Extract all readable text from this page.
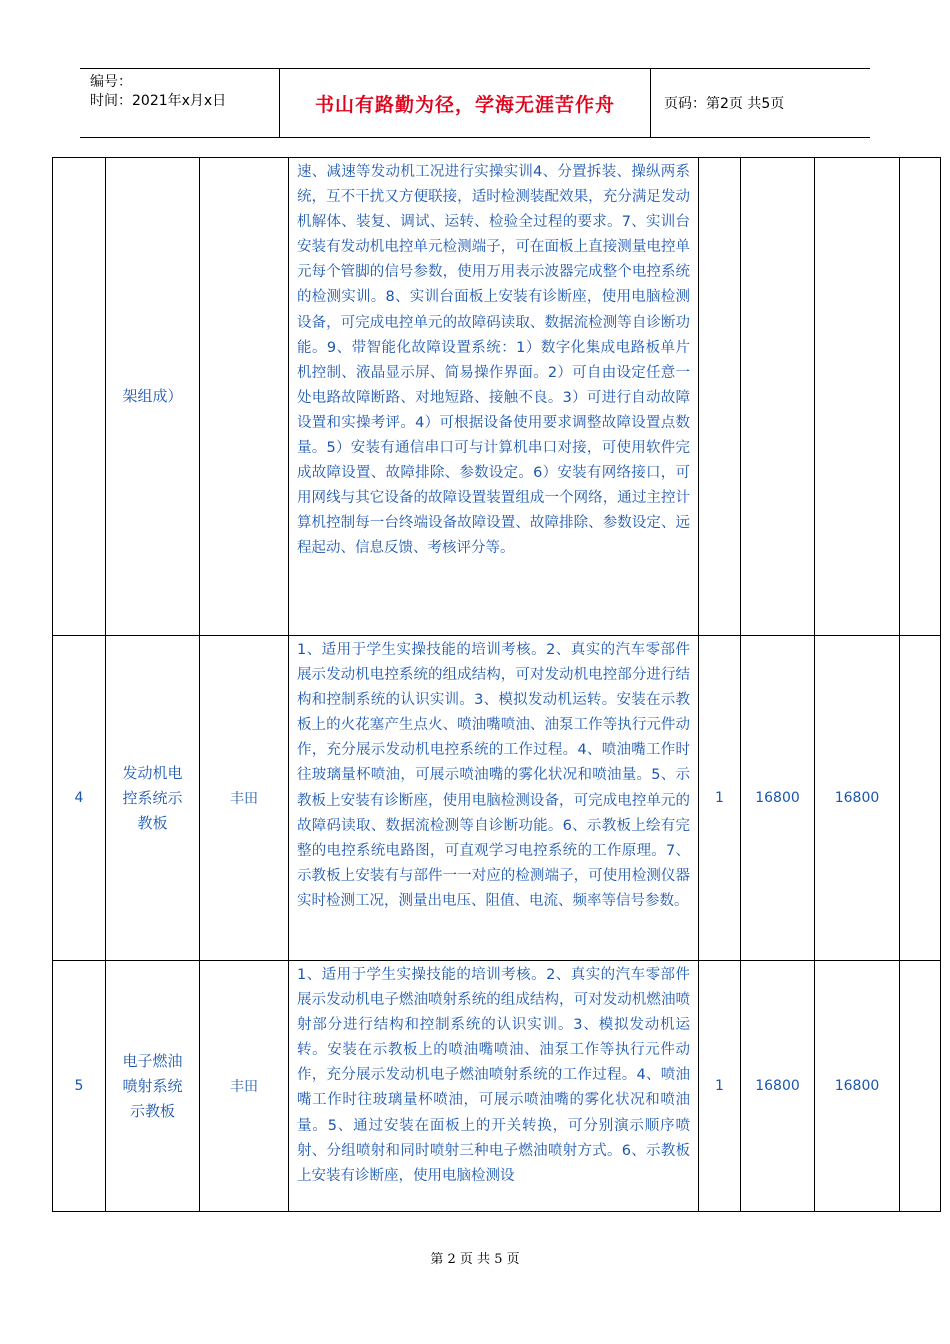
编号：
时间：2021年x月x日	书山有路勤为径，学海无涯苦作舟	页码：第2页 共5页
	架组成）		速、减速等发动机工况进行实操实训4、分置拆装、操纵两系统，互不干扰又方便联接，适时检测装配效果，充分满足发动机解体、装复、调试、运转、检验全过程的要求。7、实训台安装有发动机电控单元检测端子，可在面板上直接测量电控单元每个管脚的信号参数，使用万用表示波器完成整个电控系统的检测实训。8、实训台面板上安装有诊断座，使用电脑检测设备，可完成电控单元的故障码读取、数据流检测等自诊断功能。9、带智能化故障设置系统：1）数字化集成电路板单片机控制、液晶显示屏、简易操作界面。2）可自由设定任意一处电路故障断路、对地短路、接触不良。3）可进行自动故障设置和实操考评。4）可根据设备使用要求调整故障设置点数量。5）安装有通信串口可与计算机串口对接，可使用软件完成故障设置、故障排除、参数设定。6）安装有网络接口，可用网线与其它设备的故障设置装置组成一个网络，通过主控计算机控制每一台终端设备故障设置、故障排除、参数设定、远程起动、信息反馈、考核评分等。				
4	发动机电控系统示教板	丰田	1、适用于学生实操技能的培训考核。2、真实的汽车零部件展示发动机电控系统的组成结构，可对发动机电控部分进行结构和控制系统的认识实训。3、模拟发动机运转。安装在示教板上的火花塞产生点火、喷油嘴喷油、油泵工作等执行元件动作，充分展示发动机电控系统的工作过程。4、喷油嘴工作时往玻璃量杯喷油，可展示喷油嘴的雾化状况和喷油量。5、示教板上安装有诊断座，使用电脑检测设备，可完成电控单元的故障码读取、数据流检测等自诊断功能。6、示教板上绘有完整的电控系统电路图，可直观学习电控系统的工作原理。7、示教板上安装有与部件一一对应的检测端子，可使用检测仪器实时检测工况，测量出电压、阻值、电流、频率等信号参数。	1	16800	16800	
5	电子燃油喷射系统示教板	丰田	1、适用于学生实操技能的培训考核。2、真实的汽车零部件展示发动机电子燃油喷射系统的组成结构，可对发动机燃油喷射部分进行结构和控制系统的认识实训。3、模拟发动机运转。安装在示教板上的喷油嘴喷油、油泵工作等执行元件动作，充分展示发动机电子燃油喷射系统的工作过程。4、喷油嘴工作时往玻璃量杯喷油，可展示喷油嘴的雾化状况和喷油量。5、通过安装在面板上的开关转换，可分别演示顺序喷射、分组喷射和同时喷射三种电子燃油喷射方式。6、示教板上安装有诊断座，使用电脑检测设	1	16800	16800	
第 2 页 共 5 页
